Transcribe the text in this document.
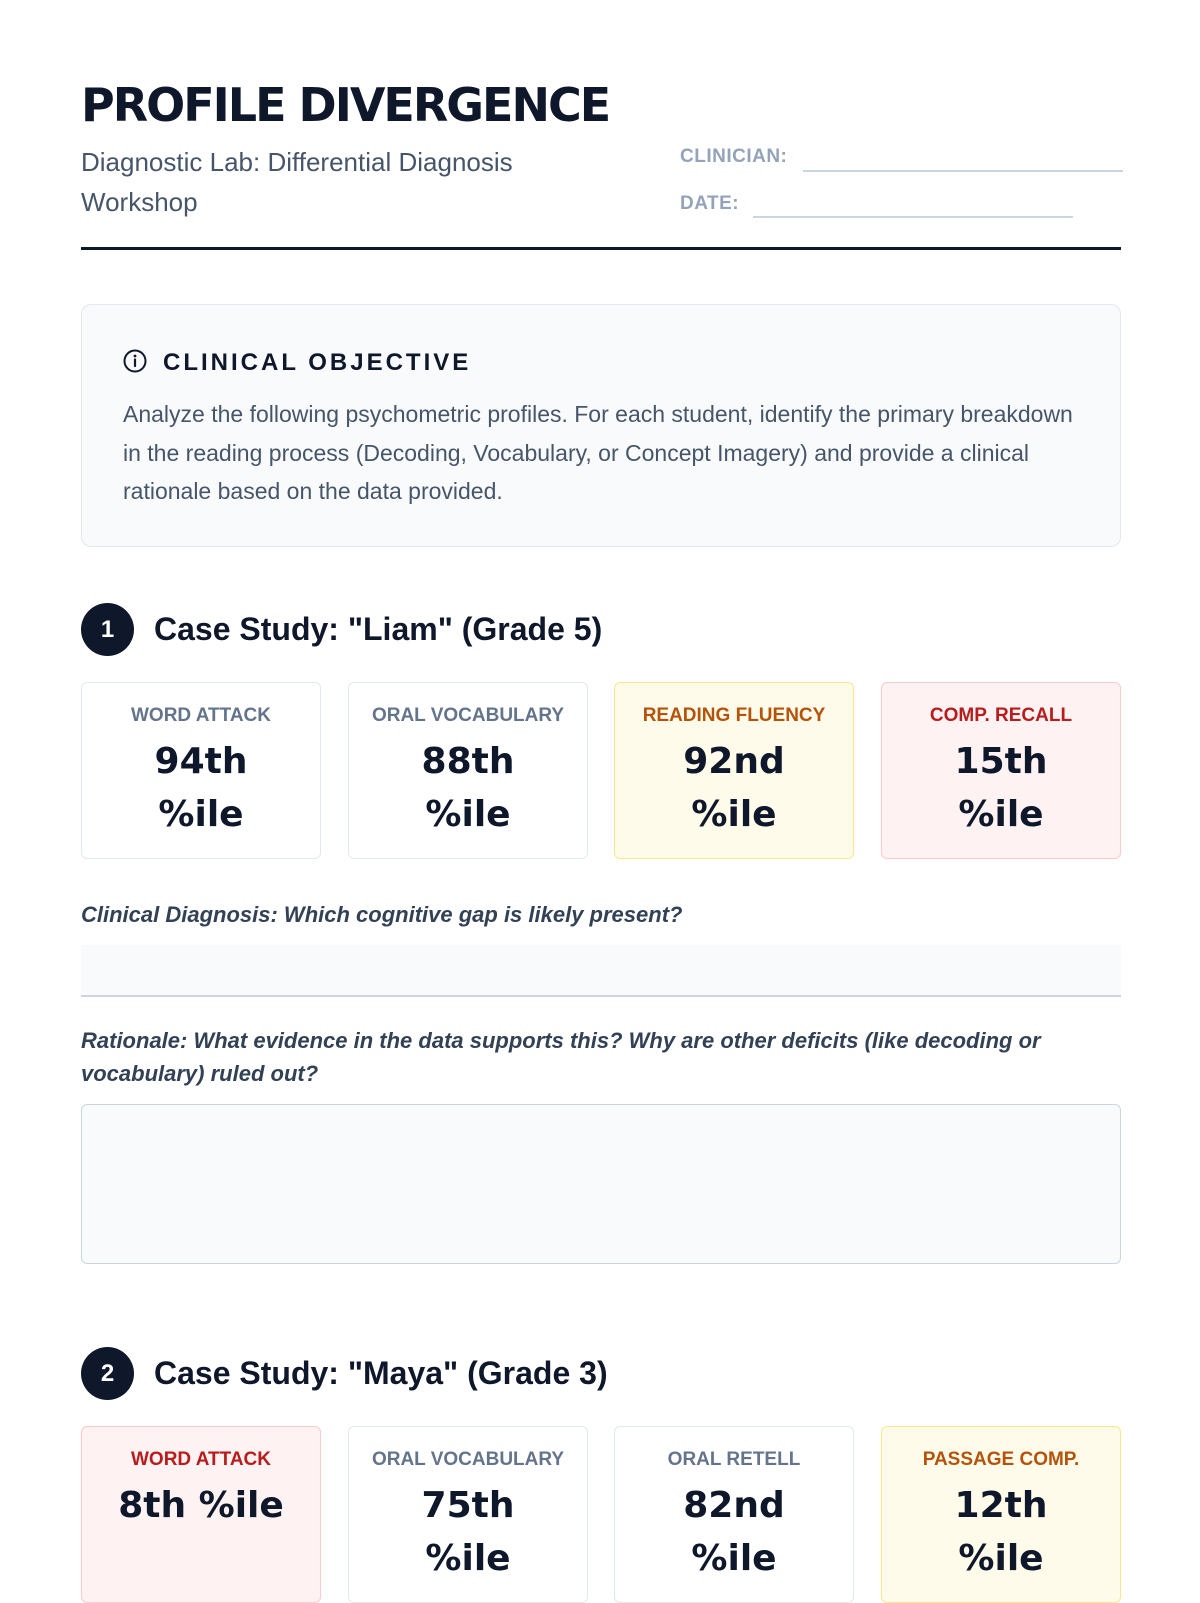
PROFILE DIVERGENCE
Diagnostic Lab: Differential Diagnosis Workshop
CLINICIAN:
DATE:
CLINICAL OBJECTIVE
Analyze the following psychometric profiles. For each student, identify the primary breakdown in the reading process (Decoding, Vocabulary, or Concept Imagery) and provide a clinical rationale based on the data provided.
1	Case Study: "Liam" (Grade 5)
WORD ATTACK
94th %ile
ORAL VOCABULARY
88th %ile
READING FLUENCY
92nd %ile
COMP. RECALL
15th %ile
Clinical Diagnosis: Which cognitive gap is likely present?
Rationale: What evidence in the data supports this? Why are other deficits (like decoding or vocabulary) ruled out?
2	Case Study: "Maya" (Grade 3)
WORD ATTACK
8th %ile
ORAL VOCABULARY
75th %ile
ORAL RETELL
82nd %ile
PASSAGE COMP.
12th %ile
